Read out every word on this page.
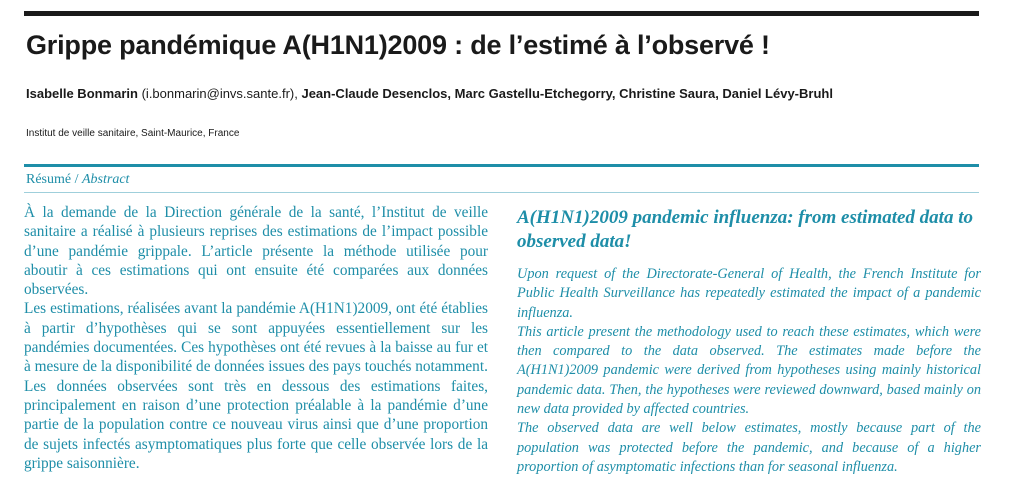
Grippe pandémique A(H1N1)2009 : de l’estimé à l’observé !
Isabelle Bonmarin (i.bonmarin@invs.sante.fr), Jean-Claude Desenclos, Marc Gastellu-Etchegorry, Christine Saura, Daniel Lévy-Bruhl
Institut de veille sanitaire, Saint-Maurice, France
Résumé / Abstract

À la demande de la Direction générale de la santé, l’Institut de veille sanitaire a réalisé à plusieurs reprises des estimations de l’impact possible d’une pandémie grippale. L’article présente la méthode utilisée pour aboutir à ces estimations qui ont ensuite été comparées aux données observées.

Les estimations, réalisées avant la pandémie A(H1N1)2009, ont été établies à partir d’hypothèses qui se sont appuyées essentiellement sur les pandémies documentées. Ces hypothèses ont été revues à la baisse au fur et à mesure de la disponibilité de données issues des pays touchés notamment.

Les données observées sont très en dessous des estimations faites, principalement en raison d’une protection préalable à la pandémie d’une partie de la population contre ce nouveau virus ainsi que d’une proportion de sujets infectés asymptomatiques plus forte que celle observée lors de la grippe saisonnière.

A(H1N1)2009 pandemic influenza: from estimated data to observed data!

Upon request of the Directorate-General of Health, the French Institute for Public Health Surveillance has repeatedly estimated the impact of a pandemic influenza.

This article present the methodology used to reach these estimates, which were then compared to the data observed. The estimates made before the A(H1N1)2009 pandemic were derived from hypotheses using mainly historical pandemic data. Then, the hypotheses were reviewed downward, based mainly on new data provided by affected countries.

The observed data are well below estimates, mostly because part of the population was protected before the pandemic, and because of a higher proportion of asymptomatic infections than for seasonal influenza.
